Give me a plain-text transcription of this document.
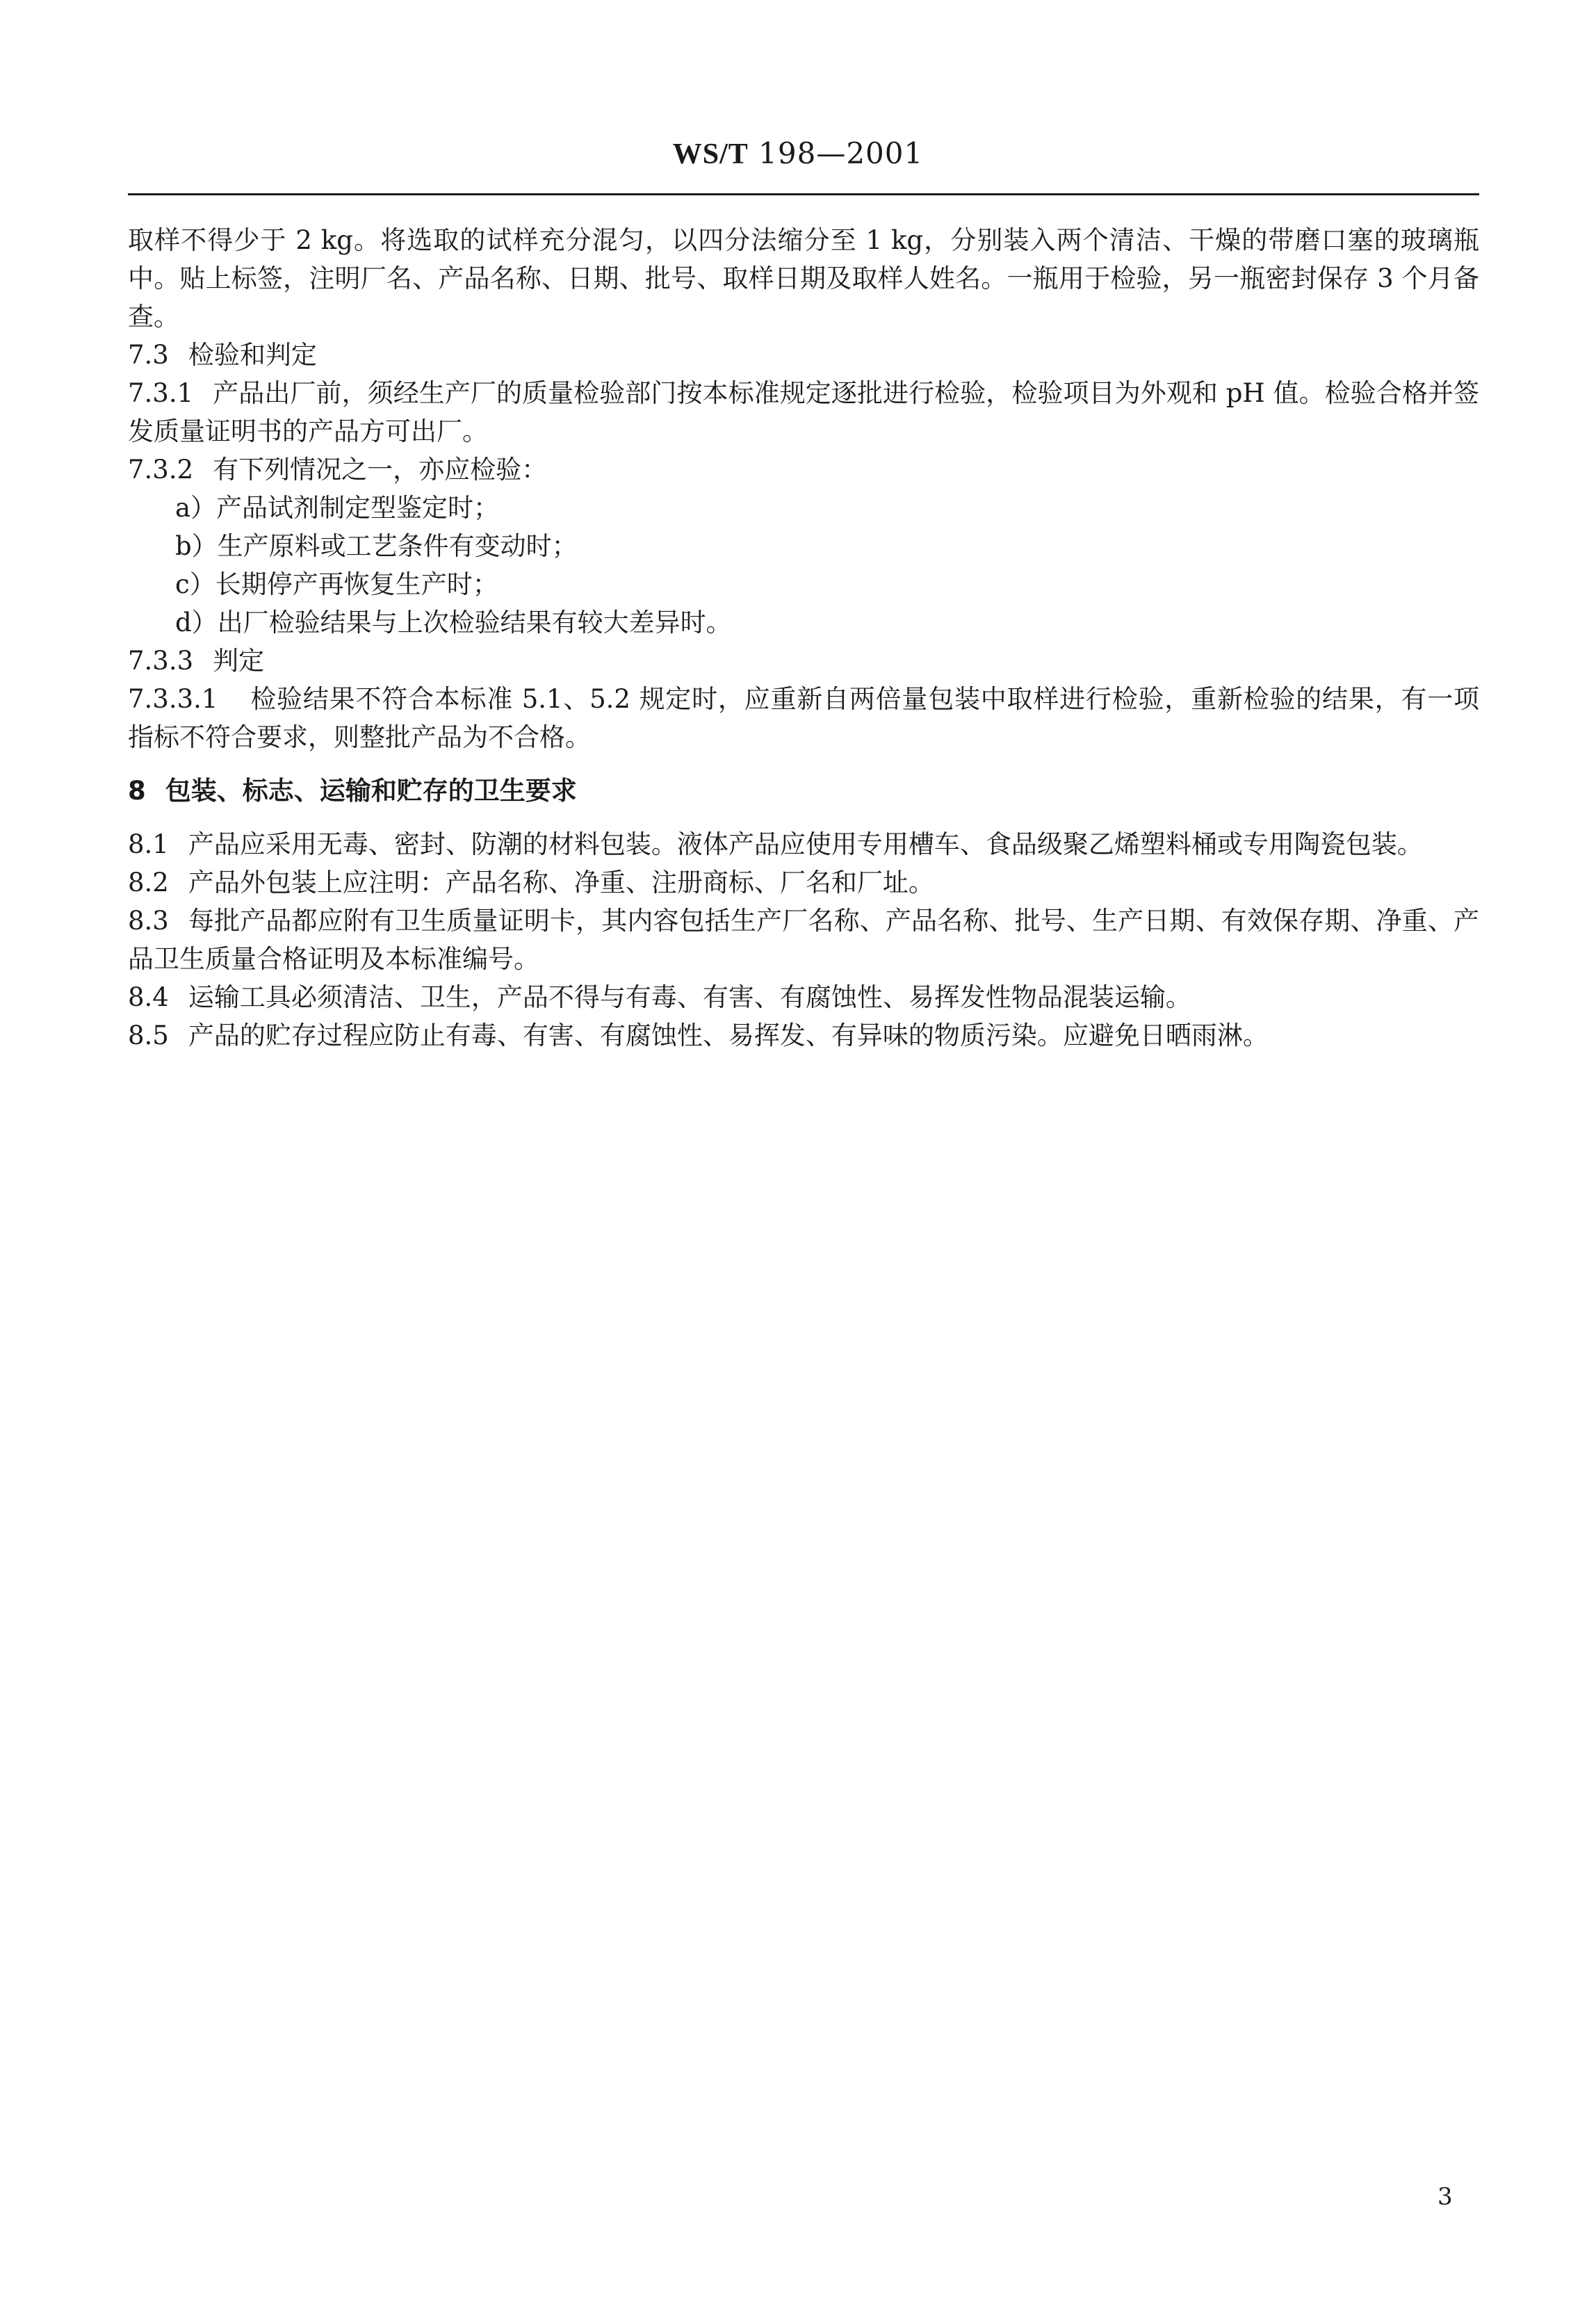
WS/T 198—2001

取样不得少于 2 kg。将选取的试样充分混匀，以四分法缩分至 1 kg，分别装入两个清洁、干燥的带磨口塞的玻璃瓶中。贴上标签，注明厂名、产品名称、日期、批号、取样日期及取样人姓名。一瓶用于检验，另一瓶密封保存 3 个月备查。

7.3 检验和判定

7.3.1 产品出厂前，须经生产厂的质量检验部门按本标准规定逐批进行检验，检验项目为外观和 pH 值。检验合格并签发质量证明书的产品方可出厂。

7.3.2 有下列情况之一，亦应检验：

a）产品试剂制定型鉴定时；

b）生产原料或工艺条件有变动时；

c）长期停产再恢复生产时；

d）出厂检验结果与上次检验结果有较大差异时。

7.3.3 判定

7.3.3.1 检验结果不符合本标准 5.1、5.2 规定时，应重新自两倍量包装中取样进行检验，重新检验的结果，有一项指标不符合要求，则整批产品为不合格。

8 包装、标志、运输和贮存的卫生要求

8.1 产品应采用无毒、密封、防潮的材料包装。液体产品应使用专用槽车、食品级聚乙烯塑料桶或专用陶瓷包装。

8.2 产品外包装上应注明：产品名称、净重、注册商标、厂名和厂址。

8.3 每批产品都应附有卫生质量证明卡，其内容包括生产厂名称、产品名称、批号、生产日期、有效保存期、净重、产品卫生质量合格证明及本标准编号。

8.4 运输工具必须清洁、卫生，产品不得与有毒、有害、有腐蚀性、易挥发性物品混装运输。

8.5 产品的贮存过程应防止有毒、有害、有腐蚀性、易挥发、有异味的物质污染。应避免日晒雨淋。

3
